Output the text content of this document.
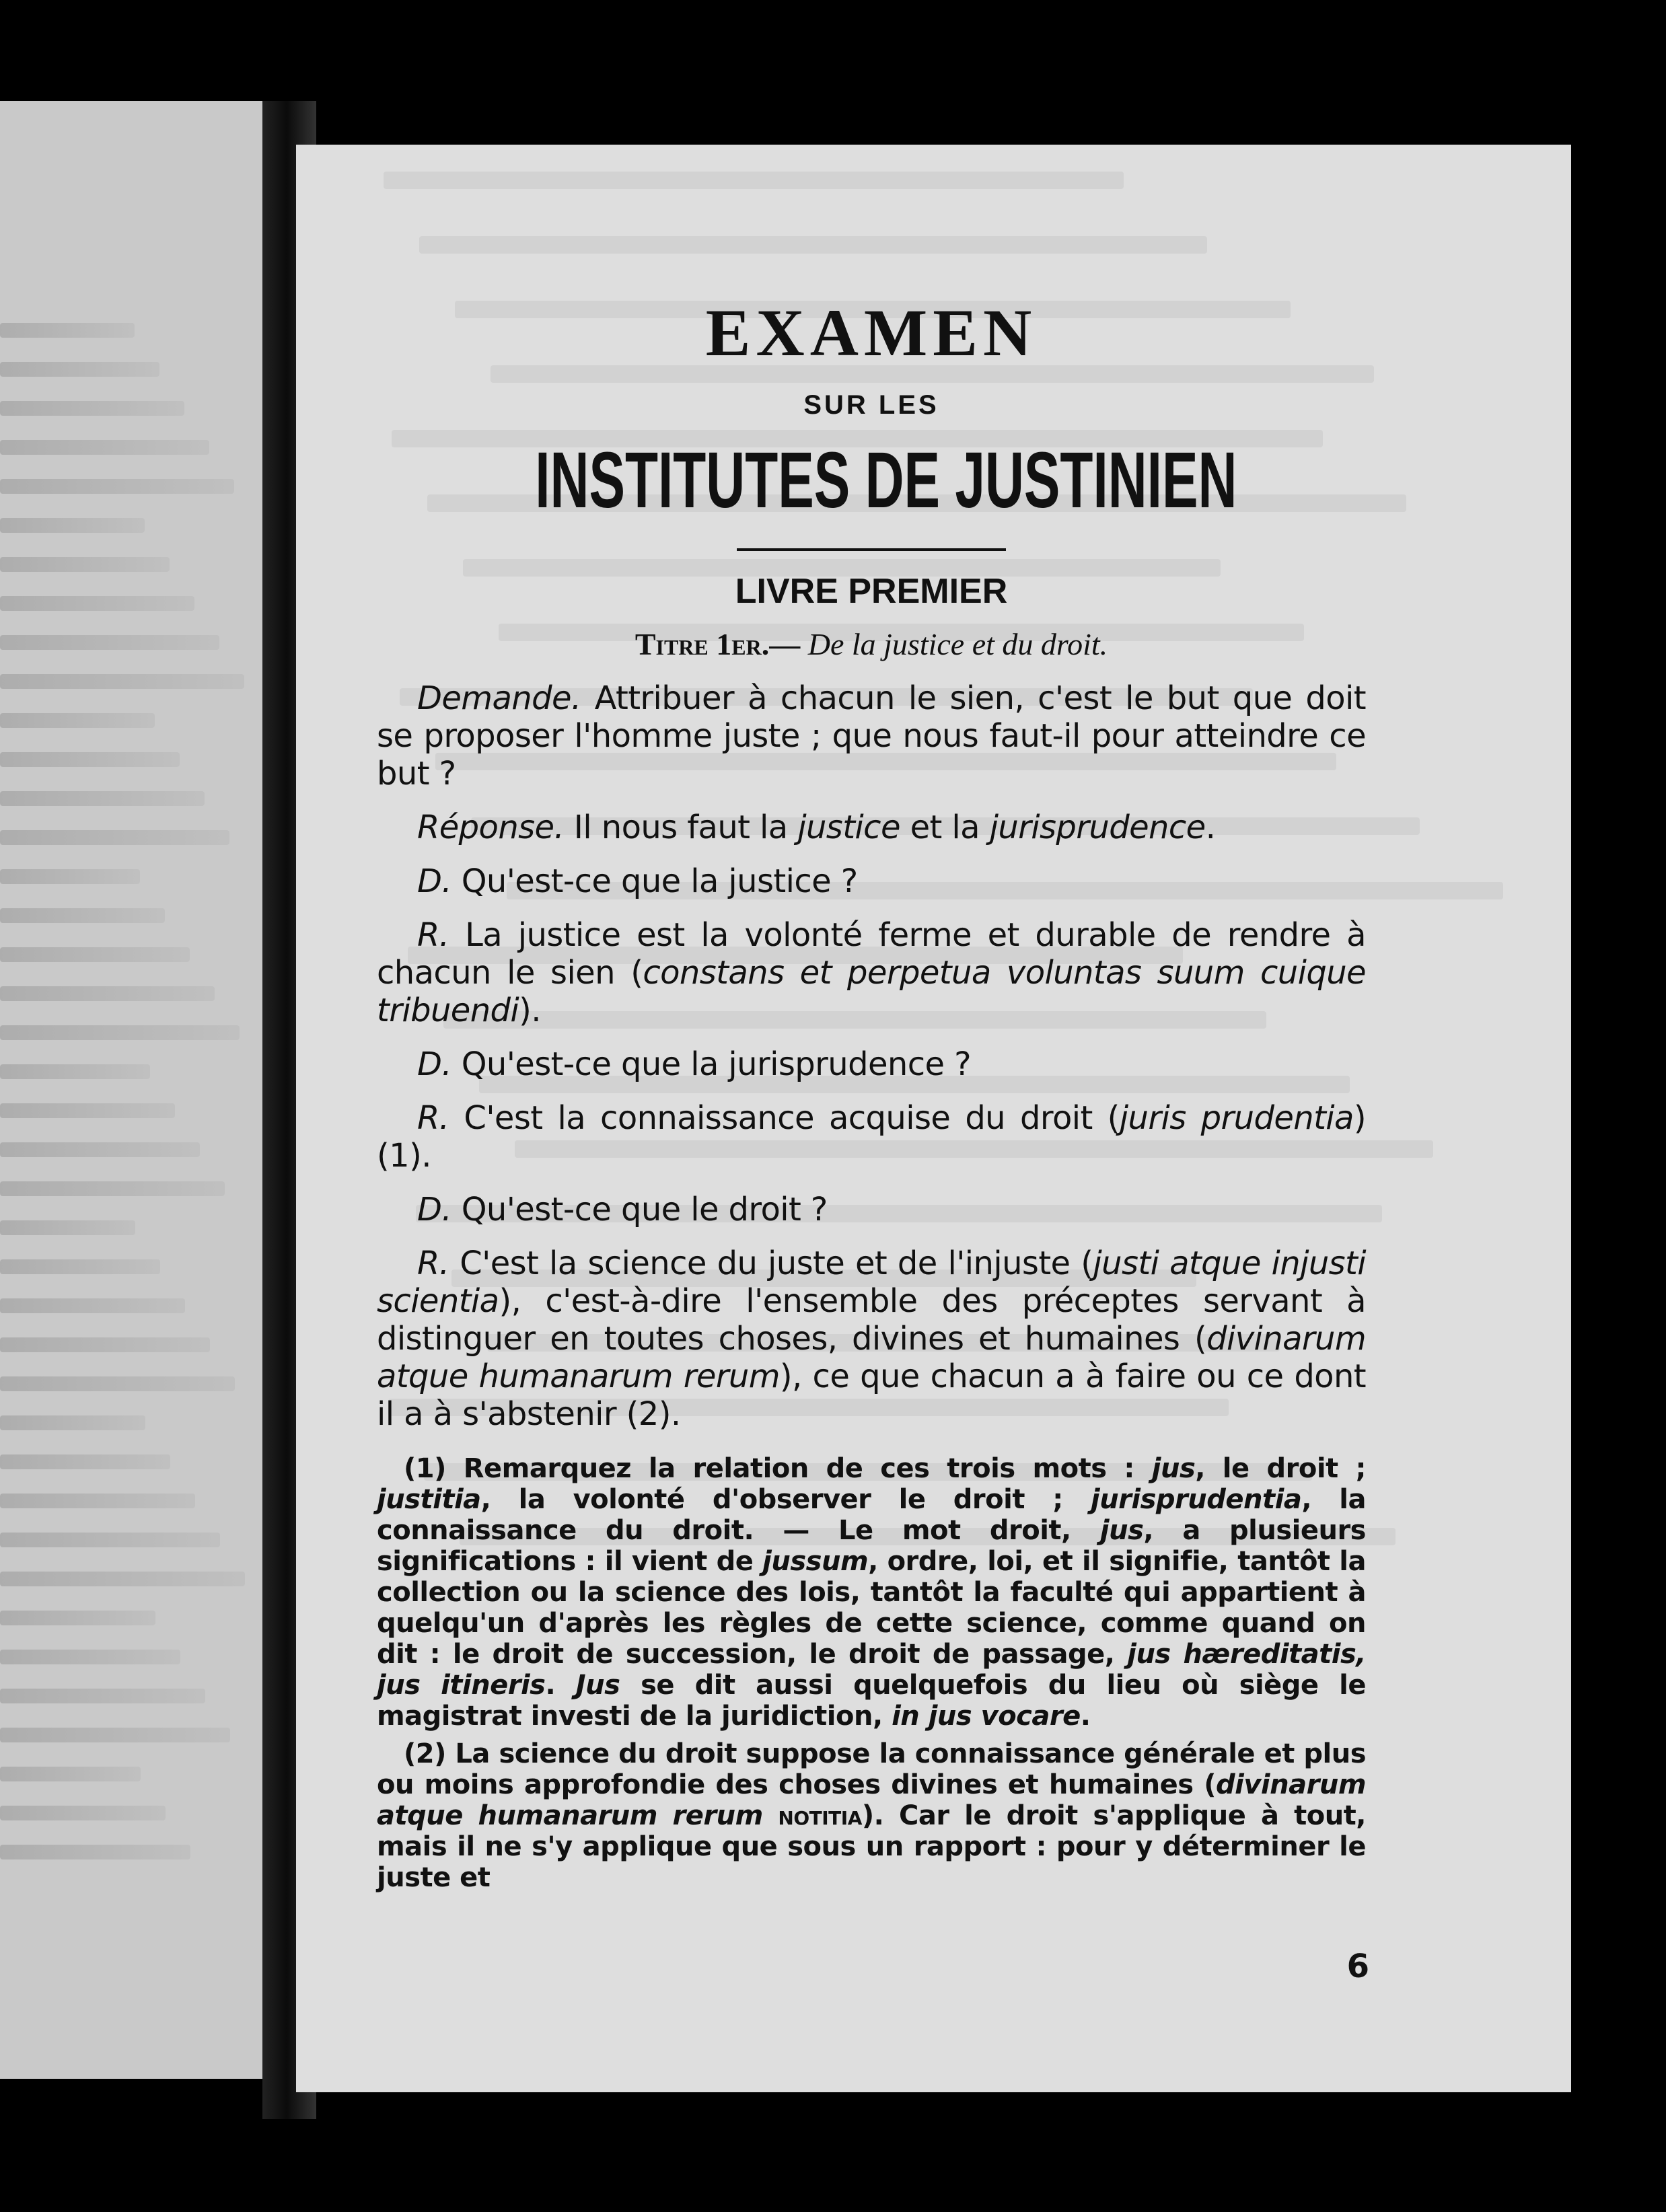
EXAMEN
SUR LES
INSTITUTES DE JUSTINIEN
LIVRE PREMIER
Titre 1er.— De la justice et du droit.

Demande. Attribuer à chacun le sien, c'est le but que doit se proposer l'homme juste ; que nous faut-il pour atteindre ce but ?

Réponse. Il nous faut la justice et la jurisprudence.

D. Qu'est-ce que la justice ?

R. La justice est la volonté ferme et durable de rendre à chacun le sien (constans et perpetua voluntas suum cuique tribuendi).

D. Qu'est-ce que la jurisprudence ?

R. C'est la connaissance acquise du droit (juris prudentia) (1).

D. Qu'est-ce que le droit ?

R. C'est la science du juste et de l'injuste (justi atque injusti scientia), c'est-à-dire l'ensemble des préceptes servant à distinguer en toutes choses, divines et humaines (divinarum atque humanarum rerum), ce que chacun a à faire ou ce dont il a à s'abstenir (2).

(1) Remarquez la relation de ces trois mots : jus, le droit ; justitia, la volonté d'observer le droit ; jurisprudentia, la connaissance du droit. — Le mot droit, jus, a plusieurs significations : il vient de jussum, ordre, loi, et il signifie, tantôt la collection ou la science des lois, tantôt la faculté qui appartient à quelqu'un d'après les règles de cette science, comme quand on dit : le droit de succession, le droit de passage, jus hæreditatis, jus itineris. Jus se dit aussi quelquefois du lieu où siège le magistrat investi de la juridiction, in jus vocare.

(2) La science du droit suppose la connaissance générale et plus ou moins approfondie des choses divines et humaines (divinarum atque humanarum rerum notitia). Car le droit s'applique à tout, mais il ne s'y applique que sous un rapport : pour y déterminer le juste et

6
